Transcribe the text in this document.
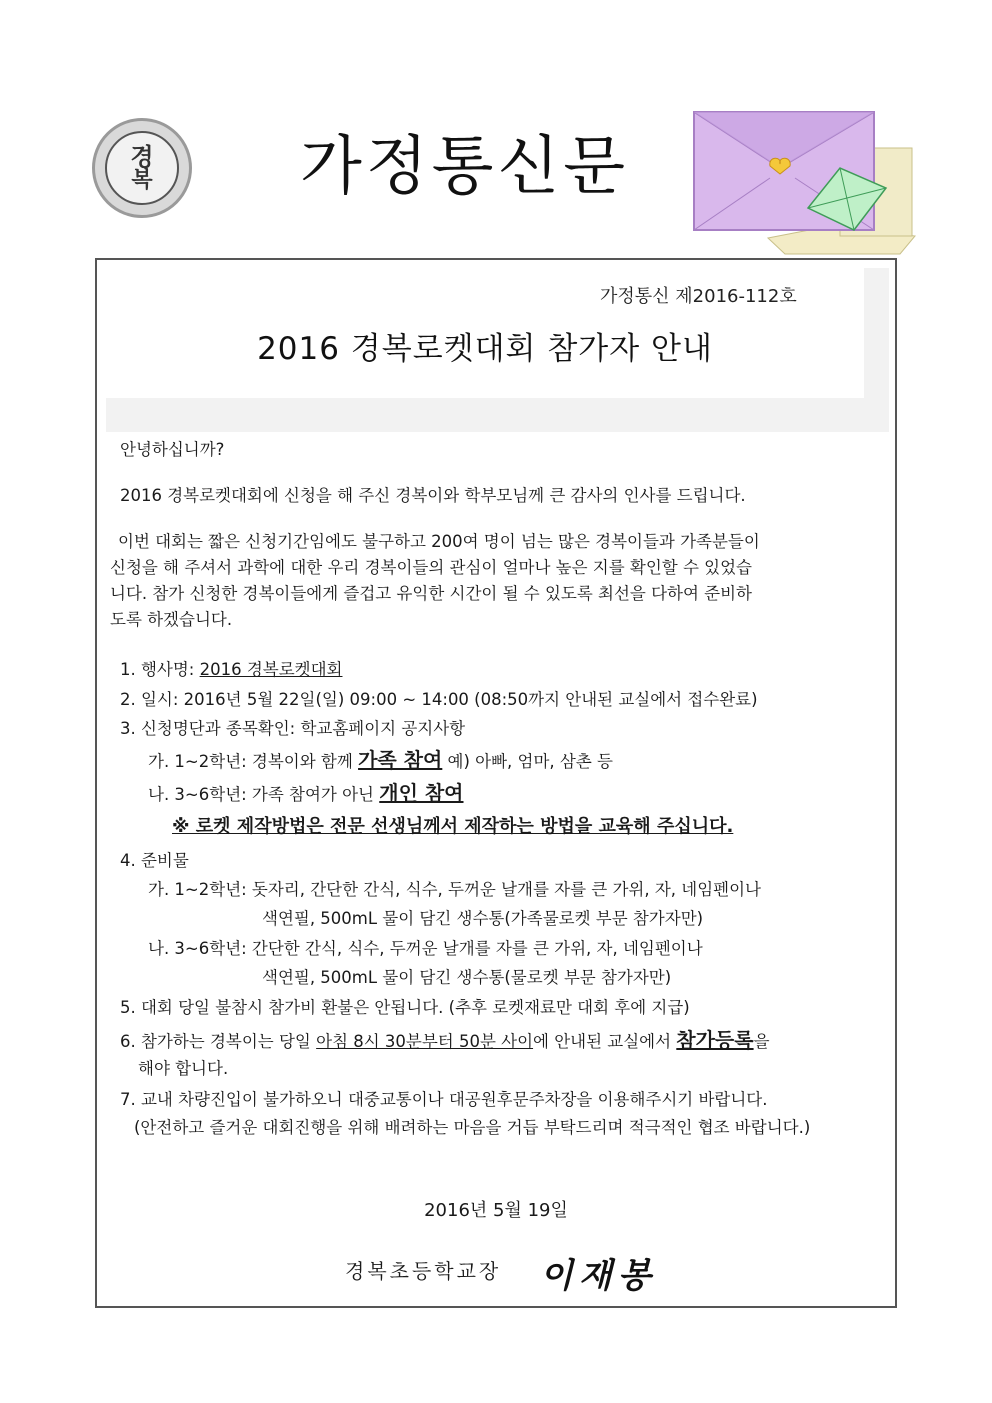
경
복 가정통신문
가정통신 제2016-112호
2016 경복로켓대회 참가자 안내
안녕하십니까?
2016 경복로켓대회에 신청을 해 주신 경복이와 학부모님께 큰 감사의 인사를 드립니다.
이번 대회는 짧은 신청기간임에도 불구하고 200여 명이 넘는 많은 경복이들과 가족분들이
신청을 해 주셔서 과학에 대한 우리 경복이들의 관심이 얼마나 높은 지를 확인할 수 있었습
니다. 참가 신청한 경복이들에게 즐겁고 유익한 시간이 될 수 있도록 최선을 다하여 준비하
도록 하겠습니다.
1. 행사명: 2016 경복로켓대회
2. 일시: 2016년 5월 22일(일) 09:00 ~ 14:00 (08:50까지 안내된 교실에서 접수완료)
3. 신청명단과 종목확인: 학교홈페이지 공지사항
가. 1~2학년: 경복이와 함께 가족 참여 예) 아빠, 엄마, 삼촌 등
나. 3~6학년: 가족 참여가 아닌 개인 참여
※ 로켓 제작방법은 전문 선생님께서 제작하는 방법을 교육해 주십니다.
4. 준비물
가. 1~2학년: 돗자리, 간단한 간식, 식수, 두꺼운 날개를 자를 큰 가위, 자, 네임펜이나
색연필, 500mL 물이 담긴 생수통(가족물로켓 부문 참가자만)
나. 3~6학년: 간단한 간식, 식수, 두꺼운 날개를 자를 큰 가위, 자, 네임펜이나
색연필, 500mL 물이 담긴 생수통(물로켓 부문 참가자만)
5. 대회 당일 불참시 참가비 환불은 안됩니다. (추후 로켓재료만 대회 후에 지급)
6. 참가하는 경복이는 당일 아침 8시 30분부터 50분 사이에 안내된 교실에서 참가등록을
해야 합니다.
7. 교내 차량진입이 불가하오니 대중교통이나 대공원후문주차장을 이용해주시기 바랍니다.
(안전하고 즐거운 대회진행을 위해 배려하는 마음을 거듭 부탁드리며 적극적인 협조 바랍니다.)
2016년 5월 19일
경복초등학교장 이재봉
